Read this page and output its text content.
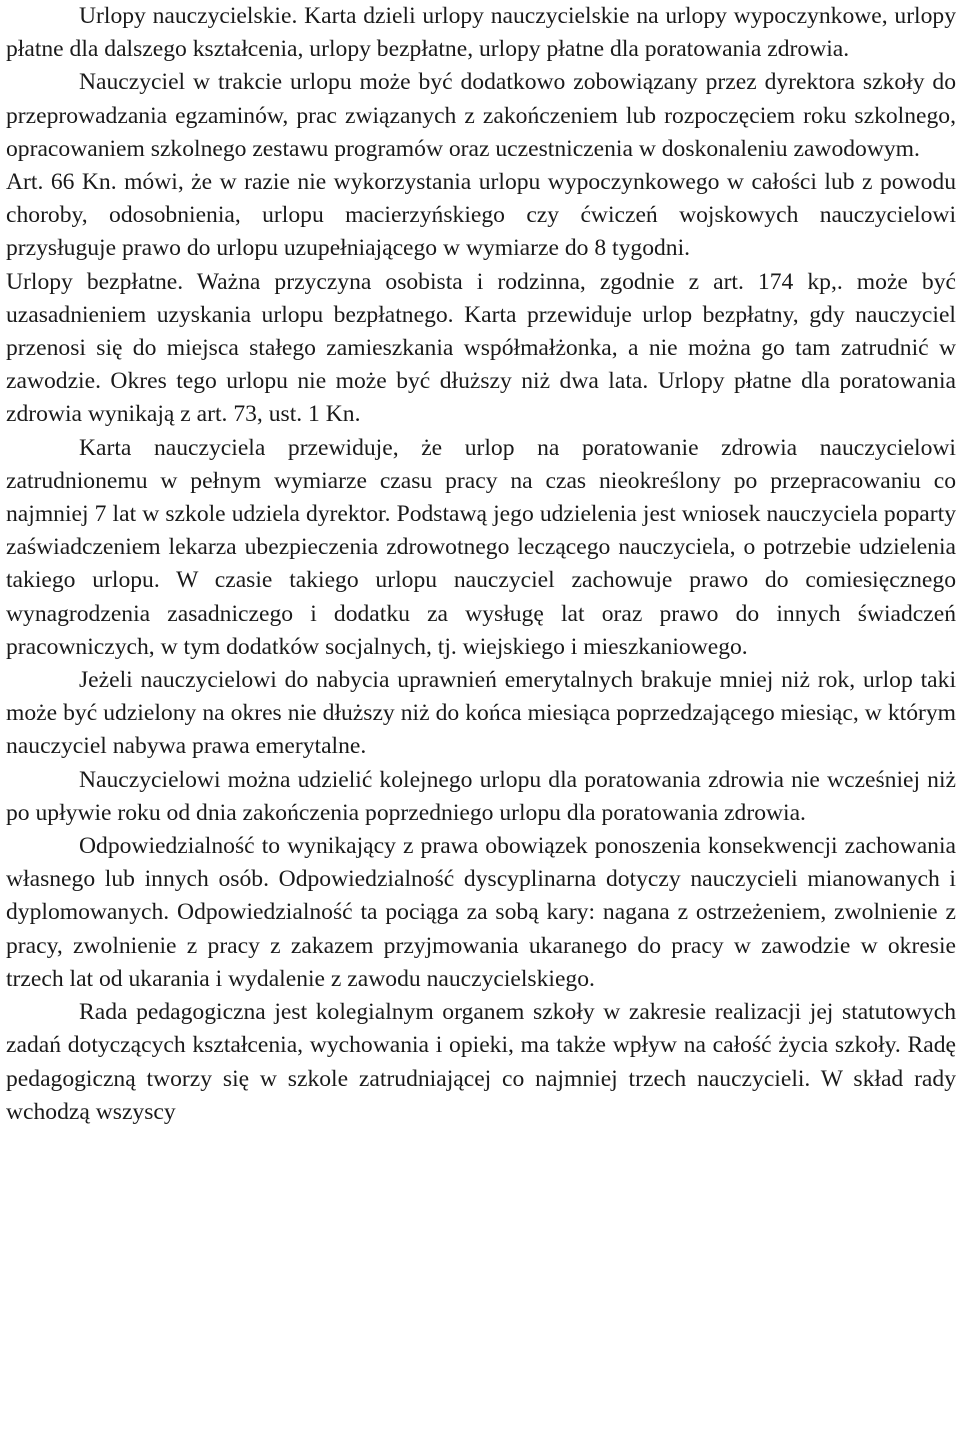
Urlopy nauczycielskie. Karta dzieli urlopy nauczycielskie na urlopy wypoczynkowe, urlopy płatne dla dalszego kształcenia, urlopy bezpłatne, urlopy płatne dla poratowania zdrowia.

Nauczyciel w trakcie urlopu może być dodatkowo zobowiązany przez dyrektora szkoły do przeprowadzania egzaminów, prac związanych z zakończeniem lub rozpoczęciem roku szkolnego, opracowaniem szkolnego zestawu programów oraz uczestniczenia w doskonaleniu zawodowym.

Art. 66 Kn. mówi, że w razie nie wykorzystania urlopu wypoczynkowego w całości lub z powodu choroby, odosobnienia, urlopu macierzyńskiego czy ćwiczeń wojskowych nauczycielowi przysługuje prawo do urlopu uzupełniającego w wymiarze do 8 tygodni.

Urlopy bezpłatne. Ważna przyczyna osobista i rodzinna, zgodnie z art. 174 kp,. może być uzasadnieniem uzyskania urlopu bezpłatnego. Karta przewiduje urlop bezpłatny, gdy nauczyciel przenosi się do miejsca stałego zamieszkania współmałżonka, a nie można go tam zatrudnić w zawodzie. Okres tego urlopu nie może być dłuższy niż dwa lata. Urlopy płatne dla poratowania zdrowia wynikają z art. 73, ust. 1 Kn.

Karta nauczyciela przewiduje, że urlop na poratowanie zdrowia nauczycielowi zatrudnionemu w pełnym wymiarze czasu pracy na czas nieokreślony po przepracowaniu co najmniej 7 lat w szkole udziela dyrektor. Podstawą jego udzielenia jest wniosek nauczyciela poparty zaświadczeniem lekarza ubezpieczenia zdrowotnego leczącego nauczyciela, o potrzebie udzielenia takiego urlopu. W czasie takiego urlopu nauczyciel zachowuje prawo do comiesięcznego wynagrodzenia zasadniczego i dodatku za wysługę lat oraz prawo do innych świadczeń pracowniczych, w tym dodatków socjalnych, tj. wiejskiego i mieszkaniowego.

Jeżeli nauczycielowi do nabycia uprawnień emerytalnych brakuje mniej niż rok, urlop taki może być udzielony na okres nie dłuższy niż do końca miesiąca poprzedzającego miesiąc, w którym nauczyciel nabywa prawa emerytalne.

Nauczycielowi można udzielić kolejnego urlopu dla poratowania zdrowia nie wcześniej niż po upływie roku od dnia zakończenia poprzedniego urlopu dla poratowania zdrowia.

Odpowiedzialność to wynikający z prawa obowiązek ponoszenia konsekwencji zachowania własnego lub innych osób. Odpowiedzialność dyscyplinarna dotyczy nauczycieli mianowanych i dyplomowanych. Odpowiedzialność ta pociąga za sobą kary: nagana z ostrzeżeniem, zwolnienie z pracy, zwolnienie z pracy z zakazem przyjmowania ukaranego do pracy w zawodzie w okresie trzech lat od ukarania i wydalenie z zawodu nauczycielskiego.

Rada pedagogiczna jest kolegialnym organem szkoły w zakresie realizacji jej statutowych zadań dotyczących kształcenia, wychowania i opieki, ma także wpływ na całość życia szkoły. Radę pedagogiczną tworzy się w szkole zatrudniającej co najmniej trzech nauczycieli. W skład rady wchodzą wszyscy
